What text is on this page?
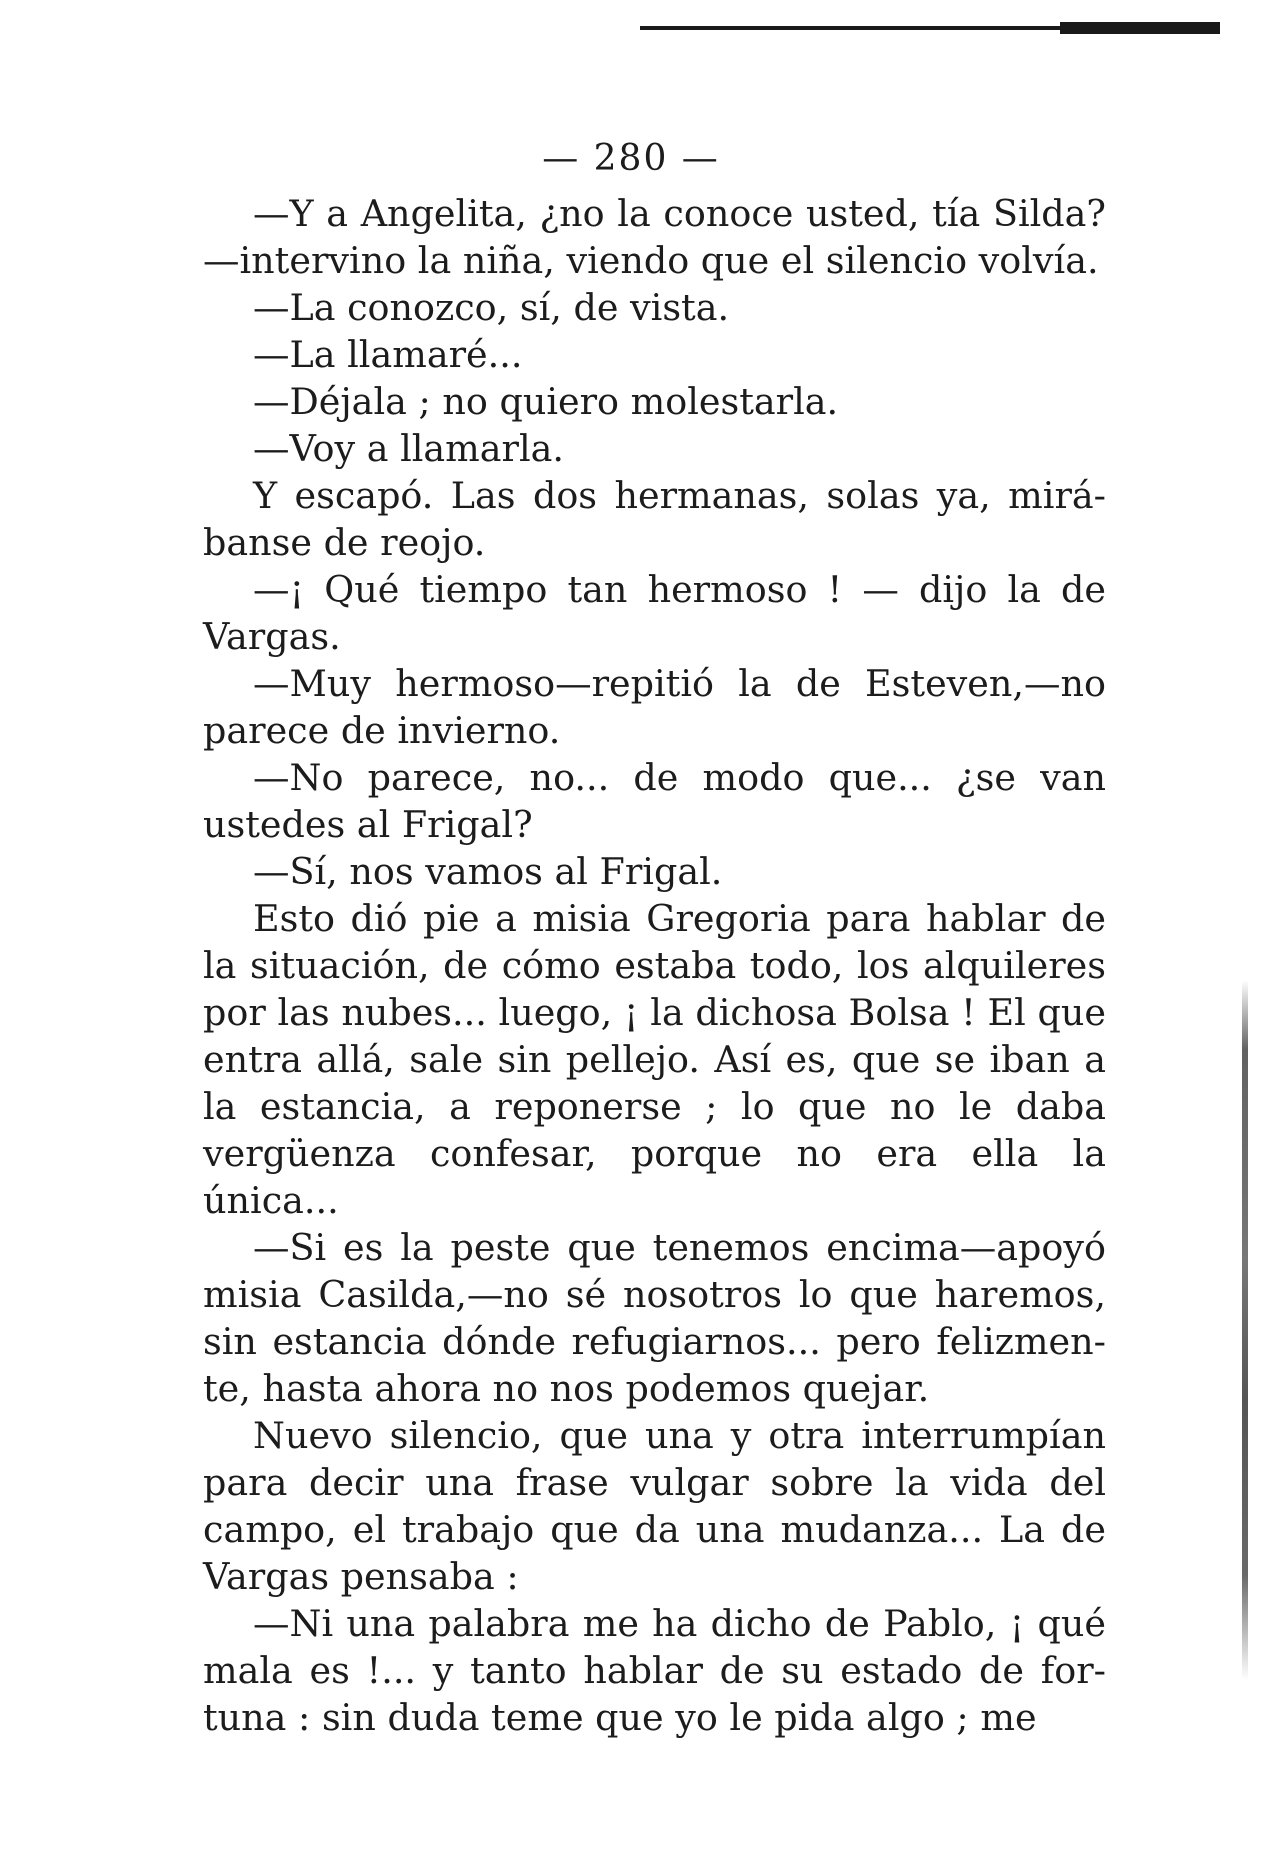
— 280 —

—Y a Angelita, ¿no la conoce usted, tía Silda?—intervino la niña, viendo que el silencio volvía.

—La conozco, sí, de vista.

—La llamaré...

—Déjala ; no quiero molestarla.

—Voy a llamarla.

Y escapó. Las dos hermanas, solas ya, mirábanse de reojo.

—¡ Qué tiempo tan hermoso ! — dijo la de Vargas.

—Muy hermoso—repitió la de Esteven,—no parece de invierno.

—No parece, no... de modo que... ¿se van ustedes al Frigal?

—Sí, nos vamos al Frigal.

Esto dió pie a misia Gregoria para hablar de la situación, de cómo estaba todo, los alquileres por las nubes... luego, ¡ la dichosa Bolsa ! El que entra allá, sale sin pellejo. Así es, que se iban a la estancia, a reponerse ; lo que no le daba vergüenza confesar, porque no era ella la única...

—Si es la peste que tenemos encima—apoyó misia Casilda,—no sé nosotros lo que haremos, sin estancia dónde refugiarnos... pero felizmente, hasta ahora no nos podemos quejar.

Nuevo silencio, que una y otra interrumpían para decir una frase vulgar sobre la vida del campo, el trabajo que da una mudanza... La de Vargas pensaba :

—Ni una palabra me ha dicho de Pablo, ¡ qué mala es !... y tanto hablar de su estado de fortuna : sin duda teme que yo le pida algo ; me
